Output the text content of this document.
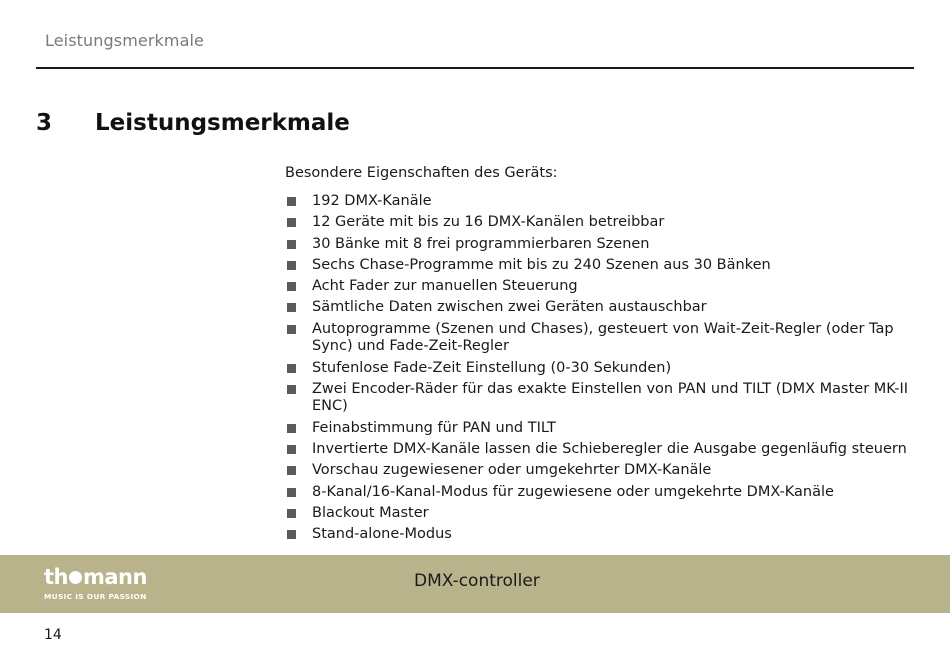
Leistungsmerkmale
3 Leistungsmerkmale
Besondere Eigenschaften des Geräts:
192 DMX-Kanäle
12 Geräte mit bis zu 16 DMX-Kanälen betreibbar
30 Bänke mit 8 frei programmierbaren Szenen
Sechs Chase-Programme mit bis zu 240 Szenen aus 30 Bänken
Acht Fader zur manuellen Steuerung
Sämtliche Daten zwischen zwei Geräten austauschbar
Autoprogramme (Szenen und Chases), gesteuert von Wait-Zeit-Regler (oder Tap Sync) und Fade-Zeit-Regler
Stufenlose Fade-Zeit Einstellung (0-30 Sekunden)
Zwei Encoder-Räder für das exakte Einstellen von PAN und TILT (DMX Master MK-II ENC)
Feinabstimmung für PAN und TILT
Invertierte DMX-Kanäle lassen die Schieberegler die Ausgabe gegenläufig steuern
Vorschau zugewiesener oder umgekehrter DMX-Kanäle
8-Kanal/16-Kanal-Modus für zugewiesene oder umgekehrte DMX-Kanäle
Blackout Master
Stand-alone-Modus
th mann
MUSIC IS OUR PASSION
DMX-controller
14
